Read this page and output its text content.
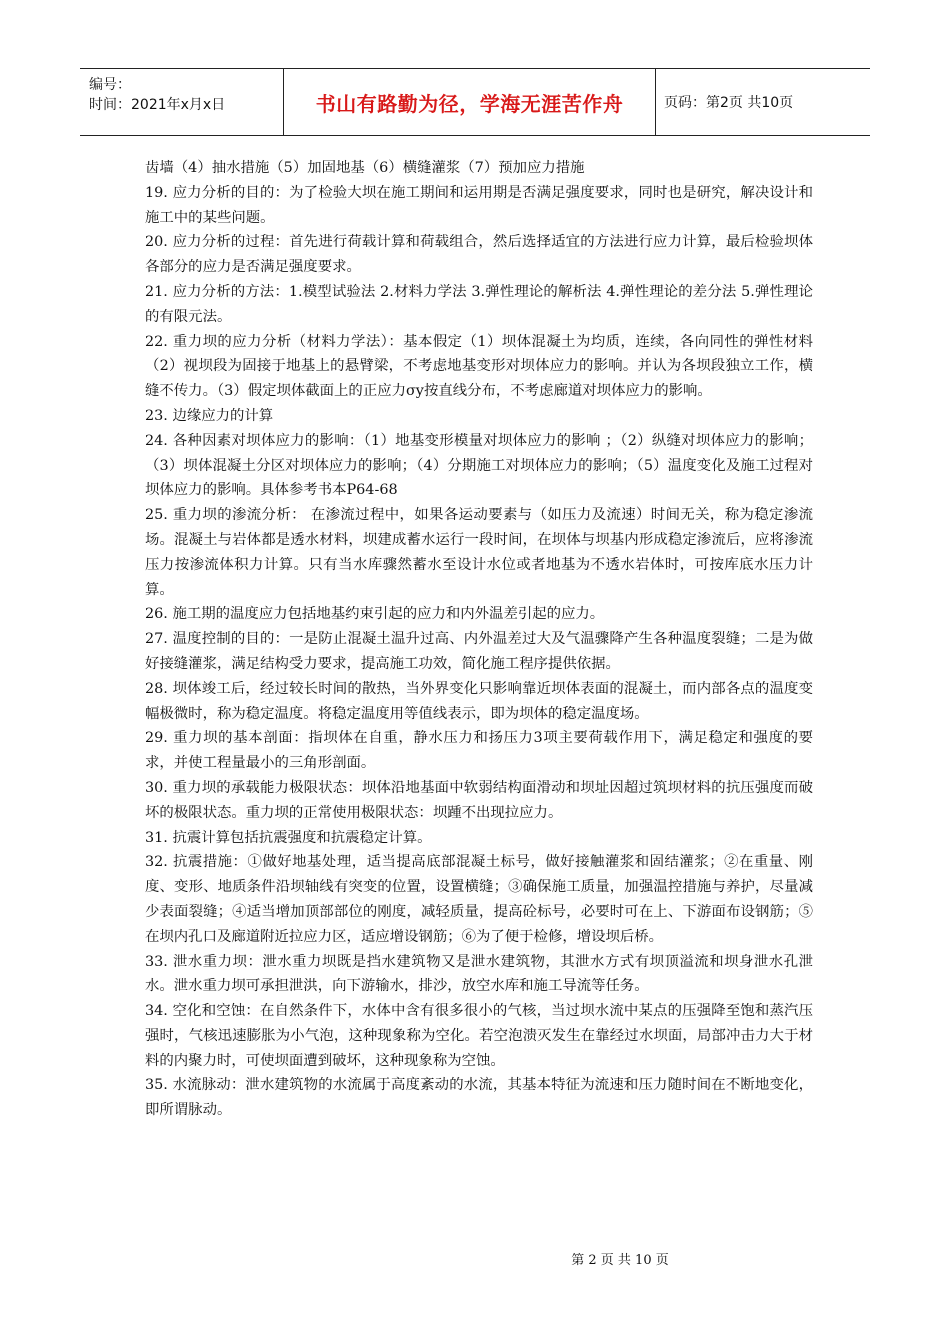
编号：
时间：2021年x月x日	书山有路勤为径，学海无涯苦作舟	页码：第2页 共10页

齿墙（4）抽水措施（5）加固地基（6）横缝灌浆（7）预加应力措施

19. 应力分析的目的：为了检验大坝在施工期间和运用期是否满足强度要求，同时也是研究，解决设计和施工中的某些问题。

20. 应力分析的过程：首先进行荷载计算和荷载组合，然后选择适宜的方法进行应力计算，最后检验坝体各部分的应力是否满足强度要求。

21. 应力分析的方法：1.模型试验法 2.材料力学法 3.弹性理论的解析法 4.弹性理论的差分法 5.弹性理论的有限元法。

22. 重力坝的应力分析（材料力学法）：基本假定（1）坝体混凝土为均质，连续，各向同性的弹性材料 （2）视坝段为固接于地基上的悬臂梁，不考虑地基变形对坝体应力的影响。并认为各坝段独立工作，横缝不传力。（3）假定坝体截面上的正应力σy按直线分布，不考虑廊道对坝体应力的影响。

23. 边缘应力的计算

24. 各种因素对坝体应力的影响：（1）地基变形模量对坝体应力的影响 ；（2）纵缝对坝体应力的影响；（3）坝体混凝土分区对坝体应力的影响；（4）分期施工对坝体应力的影响；（5）温度变化及施工过程对坝体应力的影响。具体参考书本P64-68

25. 重力坝的渗流分析： 在渗流过程中，如果各运动要素与（如压力及流速）时间无关，称为稳定渗流场。混凝土与岩体都是透水材料，坝建成蓄水运行一段时间，在坝体与坝基内形成稳定渗流后，应将渗流压力按渗流体积力计算。只有当水库骤然蓄水至设计水位或者地基为不透水岩体时，可按库底水压力计算。

26. 施工期的温度应力包括地基约束引起的应力和内外温差引起的应力。

27. 温度控制的目的：一是防止混凝土温升过高、内外温差过大及气温骤降产生各种温度裂缝；二是为做好接缝灌浆，满足结构受力要求，提高施工功效，简化施工程序提供依据。

28. 坝体竣工后，经过较长时间的散热，当外界变化只影响靠近坝体表面的混凝土，而内部各点的温度变幅极微时，称为稳定温度。将稳定温度用等值线表示，即为坝体的稳定温度场。

29. 重力坝的基本剖面：指坝体在自重，静水压力和扬压力3项主要荷载作用下，满足稳定和强度的要求，并使工程量最小的三角形剖面。

30. 重力坝的承载能力极限状态：坝体沿地基面中软弱结构面滑动和坝址因超过筑坝材料的抗压强度而破坏的极限状态。重力坝的正常使用极限状态：坝踵不出现拉应力。

31. 抗震计算包括抗震强度和抗震稳定计算。

32. 抗震措施：①做好地基处理，适当提高底部混凝土标号，做好接触灌浆和固结灌浆；②在重量、刚度、变形、地质条件沿坝轴线有突变的位置，设置横缝；③确保施工质量，加强温控措施与养护，尽量减少表面裂缝；④适当增加顶部部位的刚度，减轻质量，提高砼标号，必要时可在上、下游面布设钢筋；⑤在坝内孔口及廊道附近拉应力区，适应增设钢筋；⑥为了便于检修，增设坝后桥。

33. 泄水重力坝：泄水重力坝既是挡水建筑物又是泄水建筑物，其泄水方式有坝顶溢流和坝身泄水孔泄水。泄水重力坝可承担泄洪，向下游输水，排沙，放空水库和施工导流等任务。

34. 空化和空蚀：在自然条件下，水体中含有很多很小的气核，当过坝水流中某点的压强降至饱和蒸汽压强时，气核迅速膨胀为小气泡，这种现象称为空化。若空泡溃灭发生在靠经过水坝面，局部冲击力大于材料的内聚力时，可使坝面遭到破坏，这种现象称为空蚀。

35. 水流脉动：泄水建筑物的水流属于高度紊动的水流，其基本特征为流速和压力随时间在不断地变化，即所谓脉动。

第 2 页 共 10 页
